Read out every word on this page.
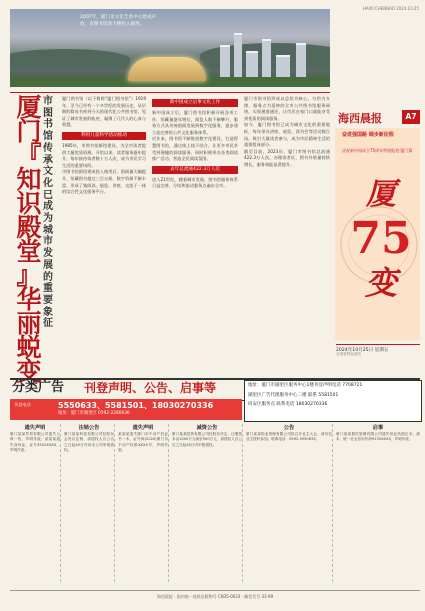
2007年，厦门市文化艺术中心建成开放，市图书馆新大楼投入使用。
HAIXI CHENBAO 2024.10.25
海西晨报	A7
奋进强国路 阔步新征程
庆祝新中国成立75周年特别报道·厦门篇
厦
75
变
2024年10月25日 星期五
全国有特色城市
厦
门
『
知
识
殿
堂
』
华
丽
蜕
变
市
图
书
馆
传
承
文
化
已
成
为
城
市
发
展
的
重
要
象
征
厦门图书馆（以下简称“厦门图书馆”）1919年，至今已经有一个多世纪的发展历史，从早期的简易书库到今天的现代化公共图书馆，见证了城市发展的轨迹，凝聚了几代人的心血与智慧。
利用儿童科学活动推动
1985年，市图书馆新馆建设，为全市读者提供大量优质资源，开馆以来，读者服务逐年提升，每年接待读者数十万人次，成为市民学习生活的重要场所。
市图书馆新馆建成投入使用后，借阅量大幅提升，馆藏图书超过三百万册，数字资源不断丰富，形成了集阅读、展览、讲座、交流于一体的综合性文化服务平台。
新中国成立后事文化工作
新中国成立后，厦门图书馆积极开展各项工作，馆藏量逐年增长，阅览人数不断攀升，服务方式从传统借阅发展到数字化服务，逐步建立起完善的公共文化服务体系。
近年来，图书馆不断推进数字化建设，打造智慧图书馆，通过线上线下结合，让更多市民享受到便捷的阅读服务，同时积极举办各类阅读推广活动，营造全民阅读氛围。
去年总流通422.3万人次
进入21世纪，随着城市发展，图书馆服务体系日益完善，分馆和流动服务点遍布全市。
厦门市图书馆形成以总馆为核心、分馆为支撑、服务点为延伸的全市公共图书馆服务网络，实现通借通还，让市民在家门口就能享受到优质的阅读服务。
如今，厦门图书馆已成为城市文化的重要地标，每年举办讲座、展览、读书会等活动数百场，吸引大量读者参与，成为市民精神生活的重要组成部分。
截至目前，2023年，厦门市图书馆总流通422.3万人次，办理读者证，图书外借量持续增长，服务效能显著提升。
分类广告	刊登声明、公告、启事等
刊登电话	5550633、5581501、18030270336
地址：厦门市湖里区 0592-2280036
地址：厦门市湖里区服务中心1楼刊登声明电话 7708721
湖里区广告代理服务中心二楼 联系 5581501
同安区服务点 联系电话 18030270336
遗失声明
厦门某某贸易有限公司遗失公章一枚，声明作废。某某某遗失身份证，证号3502XXXX，声明作废。
注销公告
厦门某某科技有限公司经股东会决议注销，请债权人自公告之日起45日内向本公司申报债权。
遗失声明
某某某遗失厦门市不动产权证书一本，证号闽(2020)厦门市不动产权第XXXX号，声明作废。
减资公告
厦门某某投资有限公司经股东决定，注册资本由1000万元减至500万元，请债权人自公告之日起45日内申报债权。
公告
厦门某某物业管理有限公司拟召开业主大会，请各位业主按时参加。联系电话：0592-5550633。
启事
厦门某某餐饮管理有限公司遗失营业执照正本、副本，统一社会信用代码9135XXXX，声明作废。
海西晨报 · 国内统一连续出版物号 CN35-0023 · 邮发代号 33-99
